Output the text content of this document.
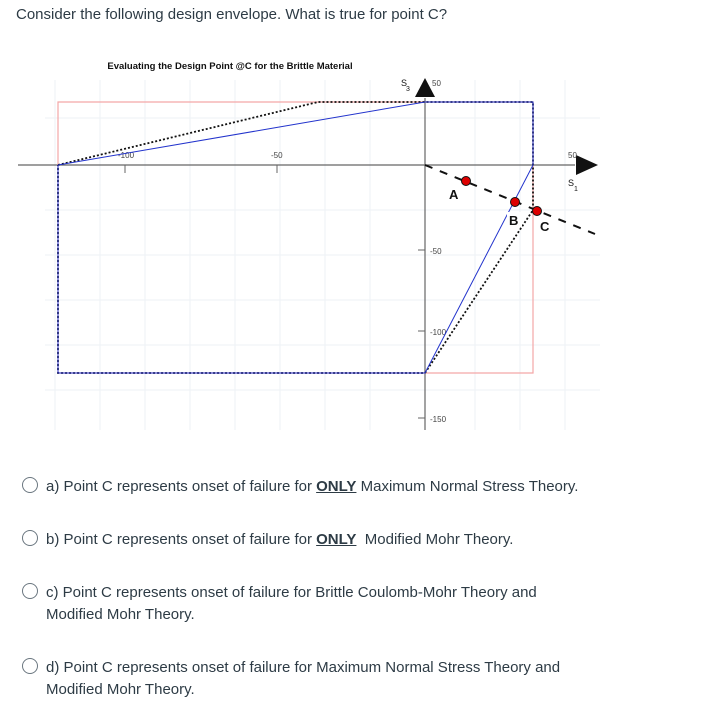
Consider the following design envelope. What is true for point C?
Evaluating the Design Point @C for the Brittle Material
S
3
S
1
-100	-50	50
50
-50
-100
-150
A
B C
a) Point C represents onset of failure for ONLY Maximum Normal Stress Theory.
b) Point C represents onset of failure for ONLY  Modified Mohr Theory.
c) Point C represents onset of failure for Brittle Coulomb-Mohr Theory and
Modified Mohr Theory.
d) Point C represents onset of failure for Maximum Normal Stress Theory and
Modified Mohr Theory.
